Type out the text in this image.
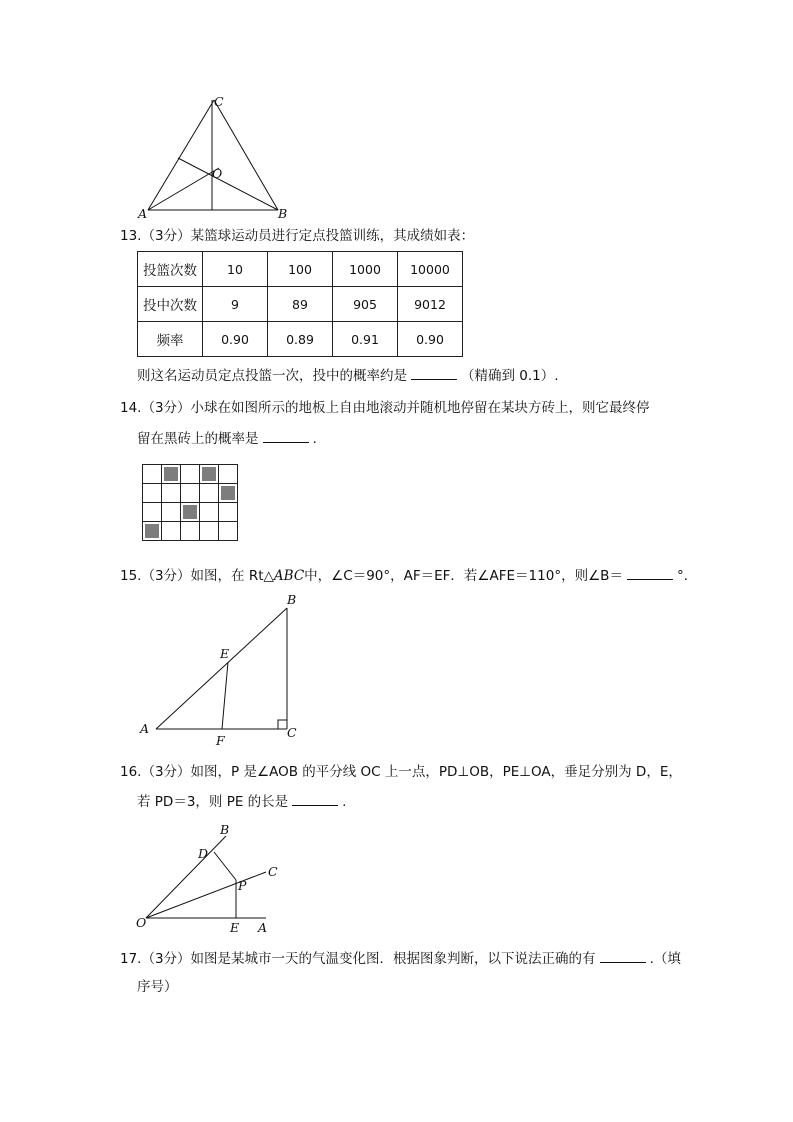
C
O
A	B
13.（3分）某篮球运动员进行定点投篮训练，其成绩如表：
投篮次数	10	100	1000	10000
投中次数	9	89	905	9012
频率	0.90	0.89	0.91	0.90
则这名运动员定点投篮一次，投中的概率约是	（精确到 0.1）.
14.（3分）小球在如图所示的地板上自由地滚动并随机地停留在某块方砖上，则它最终停
留在黑砖上的概率是	.
15.（3分）如图，在 Rt△ABC中，∠C＝90°，AF＝EF．若∠AFE＝110°，则∠B＝	°．
B
E
A
F
C
16.（3分）如图，P 是∠AOB 的平分线 OC 上一点，PD⊥OB，PE⊥OA，垂足分别为 D，E，
若 PD＝3，则 PE 的长是	.
B
D
C
P
O	E A
17.（3分）如图是某城市一天的气温变化图．根据图象判断，以下说法正确的有	.（填
序号）
